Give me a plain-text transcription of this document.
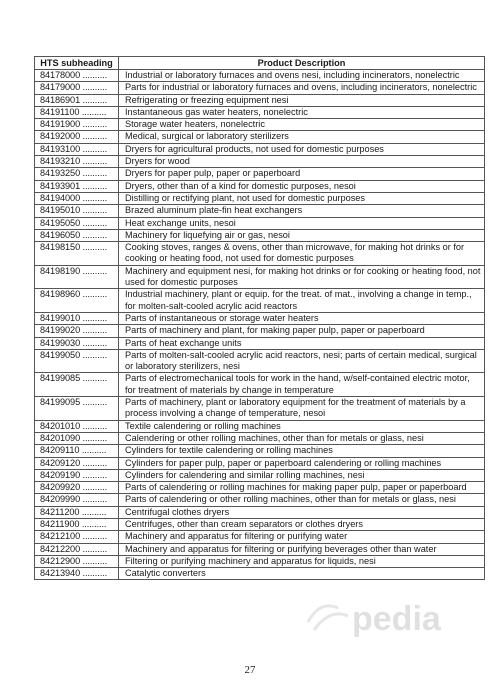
HTS subheading	Product Description
84178000 ..........	Industrial or laboratory furnaces and ovens nesi, including incinerators, nonelectric
84179000 ..........	Parts for industrial or laboratory furnaces and ovens, including incinerators, nonelectric
84186901 ..........	Refrigerating or freezing equipment nesi
84191100 ..........	Instantaneous gas water heaters, nonelectric
84191900 ..........	Storage water heaters, nonelectric
84192000 ..........	Medical, surgical or laboratory sterilizers
84193100 ..........	Dryers for agricultural products, not used for domestic purposes
84193210 ..........	Dryers for wood
84193250 ..........	Dryers for paper pulp, paper or paperboard
84193901 ..........	Dryers, other than of a kind for domestic purposes, nesoi
84194000 ..........	Distilling or rectifying plant, not used for domestic purposes
84195010 ..........	Brazed aluminum plate-fin heat exchangers
84195050 ..........	Heat exchange units, nesoi
84196050 ..........	Machinery for liquefying air or gas, nesoi
84198150 ..........	Cooking stoves, ranges & ovens, other than microwave, for making hot drinks or for cooking or heating food, not used for domestic purposes
84198190 ..........	Machinery and equipment nesi, for making hot drinks or for cooking or heating food, not used for domestic purposes
84198960 ..........	Industrial machinery, plant or equip. for the treat. of mat., involving a change in temp., for molten-salt-cooled acrylic acid reactors
84199010 ..........	Parts of instantaneous or storage water heaters
84199020 ..........	Parts of machinery and plant, for making paper pulp, paper or paperboard
84199030 ..........	Parts of heat exchange units
84199050 ..........	Parts of molten-salt-cooled acrylic acid reactors, nesi; parts of certain medical, surgical or laboratory sterilizers, nesi
84199085 ..........	Parts of electromechanical tools for work in the hand, w/self-contained electric motor, for treatment of materials by change in temperature
84199095 ..........	Parts of machinery, plant or laboratory equipment for the treatment of materials by a process involving a change of temperature, nesoi
84201010 ..........	Textile calendering or rolling machines
84201090 ..........	Calendering or other rolling machines, other than for metals or glass, nesi
84209110 ..........	Cylinders for textile calendering or rolling machines
84209120 ..........	Cylinders for paper pulp, paper or paperboard calendering or rolling machines
84209190 ..........	Cylinders for calendering and similar rolling machines, nesi
84209920 ..........	Parts of calendering or rolling machines for making paper pulp, paper or paperboard
84209990 ..........	Parts of calendering or other rolling machines, other than for metals or glass, nesi
84211200 ..........	Centrifugal clothes dryers
84211900 ..........	Centrifuges, other than cream separators or clothes dryers
84212100 ..........	Machinery and apparatus for filtering or purifying water
84212200 ..........	Machinery and apparatus for filtering or purifying beverages other than water
84212900 ..........	Filtering or purifying machinery and apparatus for liquids, nesi
84213940 ..........	Catalytic converters
27
pedia
